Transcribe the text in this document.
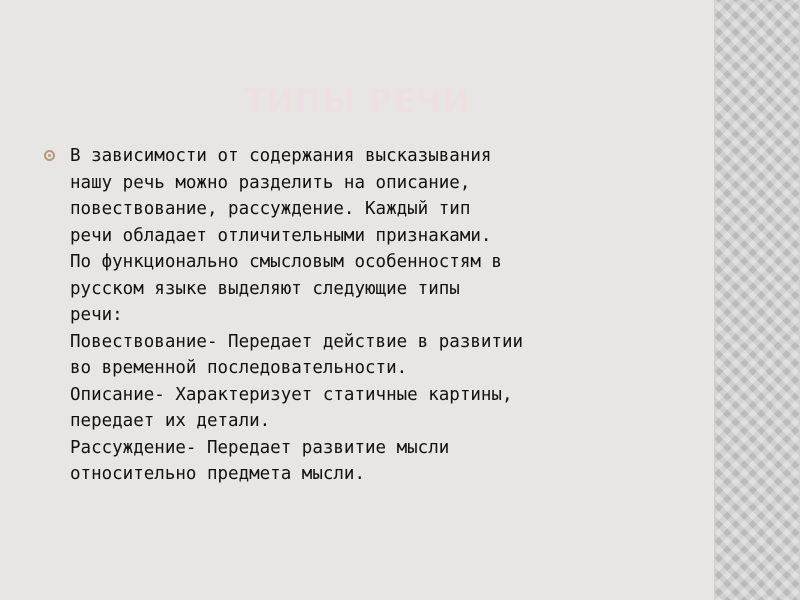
ТИПЫ РЕЧИ
В зависимости от содержания высказывания
нашу речь можно разделить на описание,
повествование, рассуждение. Каждый тип
речи обладает отличительными признаками.
По функционально смысловым особенностям в
русском языке выделяют следующие типы
речи:
Повествование- Передает действие в развитии
во временной последовательности.
Описание- Характеризует статичные картины,
передает их детали.
Рассуждение- Передает развитие мысли
относительно предмета мысли.
